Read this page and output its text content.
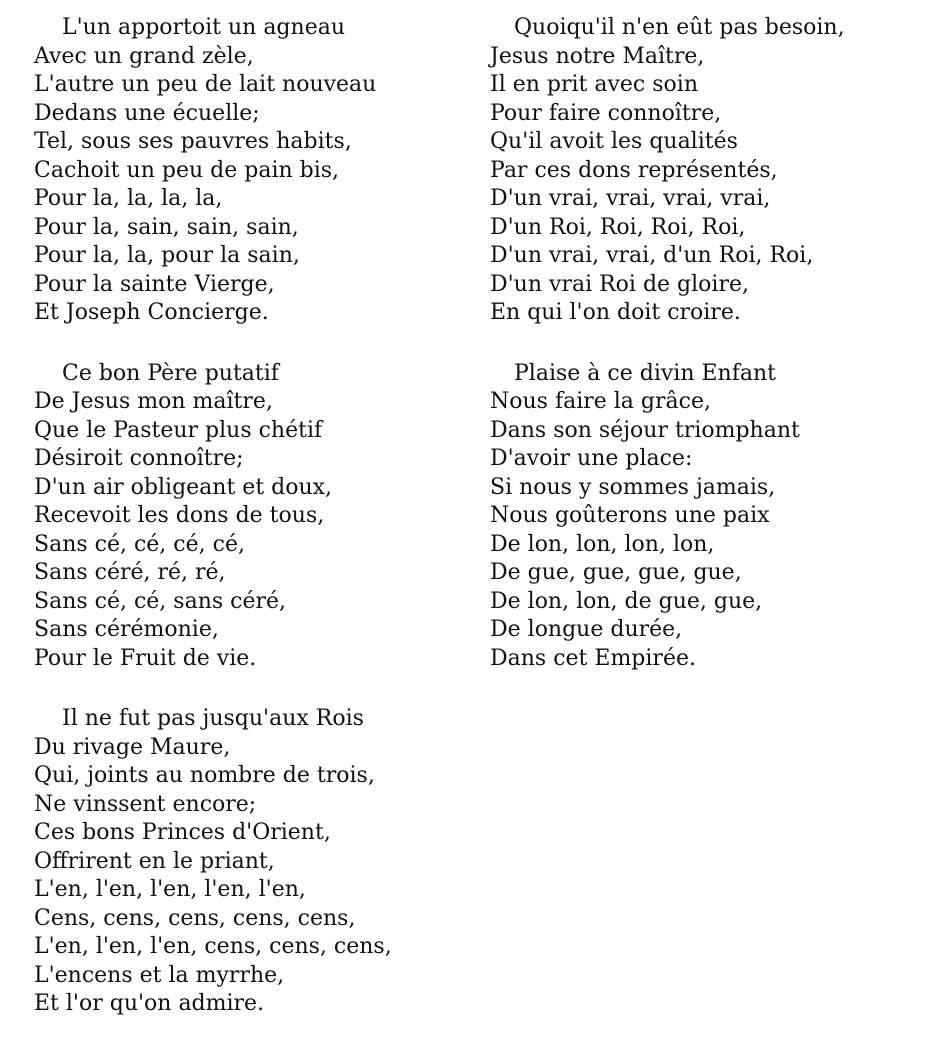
L'un apportoit un agneau
Avec un grand zèle,
L'autre un peu de lait nouveau
Dedans une écuelle;
Tel, sous ses pauvres habits,
Cachoit un peu de pain bis,
Pour la, la, la, la,
Pour la, sain, sain, sain,
Pour la, la, pour la sain,
Pour la sainte Vierge,
Et Joseph Concierge.
Ce bon Père putatif
De Jesus mon maître,
Que le Pasteur plus chétif
Désiroit connoître;
D'un air obligeant et doux,
Recevoit les dons de tous,
Sans cé, cé, cé, cé,
Sans céré, ré, ré,
Sans cé, cé, sans céré,
Sans cérémonie,
Pour le Fruit de vie.
Il ne fut pas jusqu'aux Rois
Du rivage Maure,
Qui, joints au nombre de trois,
Ne vinssent encore;
Ces bons Princes d'Orient,
Offrirent en le priant,
L'en, l'en, l'en, l'en, l'en,
Cens, cens, cens, cens, cens,
L'en, l'en, l'en, cens, cens, cens,
L'encens et la myrrhe,
Et l'or qu'on admire.
Quoiqu'il n'en eût pas besoin,
Jesus notre Maître,
Il en prit avec soin
Pour faire connoître,
Qu'il avoit les qualités
Par ces dons représentés,
D'un vrai, vrai, vrai, vrai,
D'un Roi, Roi, Roi, Roi,
D'un vrai, vrai, d'un Roi, Roi,
D'un vrai Roi de gloire,
En qui l'on doit croire.
Plaise à ce divin Enfant
Nous faire la grâce,
Dans son séjour triomphant
D'avoir une place:
Si nous y sommes jamais,
Nous goûterons une paix
De lon, lon, lon, lon,
De gue, gue, gue, gue,
De lon, lon, de gue, gue,
De longue durée,
Dans cet Empirée.
